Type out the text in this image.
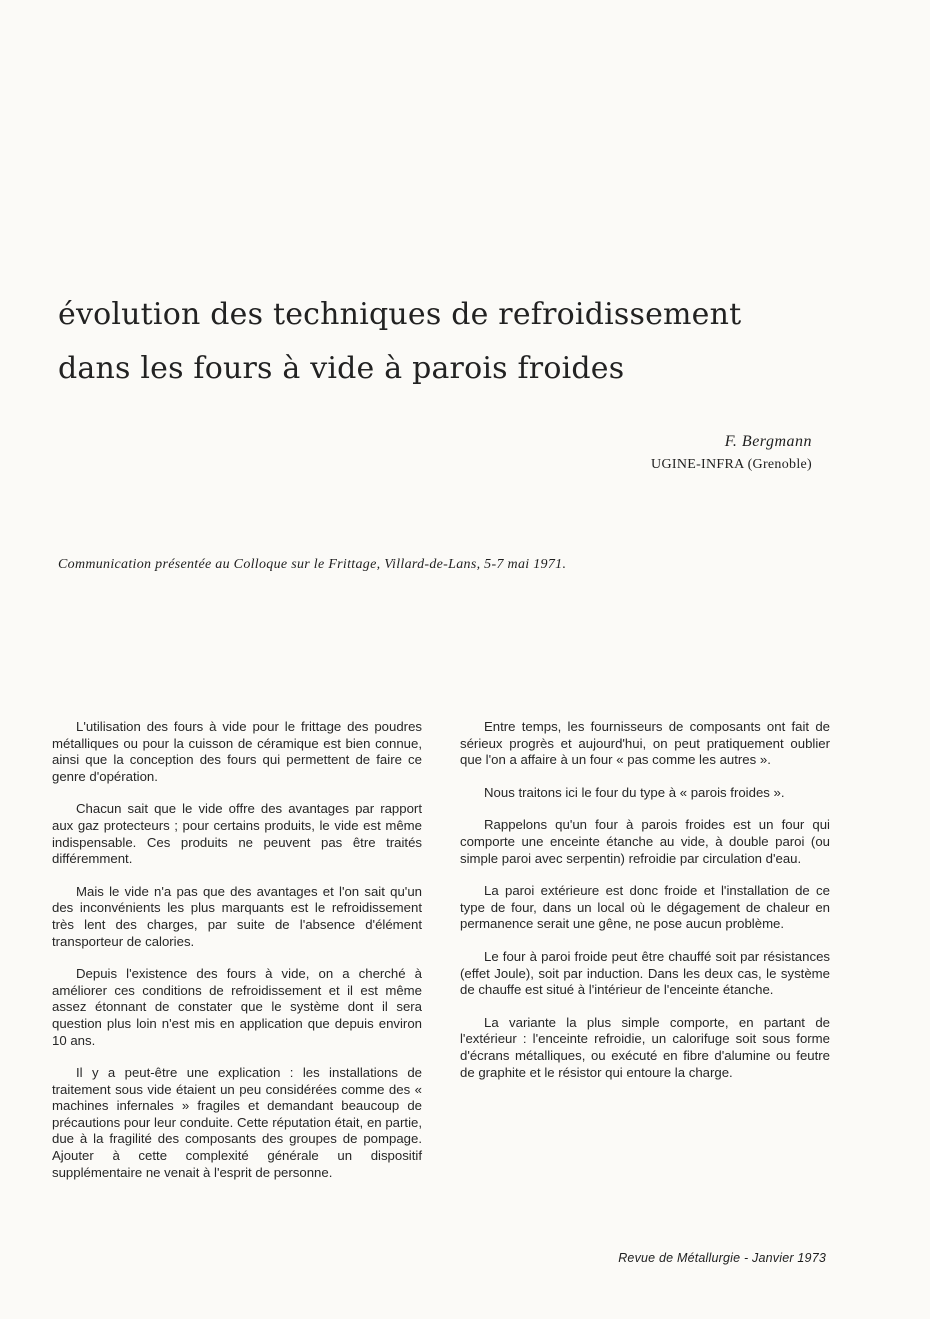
évolution des techniques de refroidissement
dans les fours à vide à parois froides
F. Bergmann
UGINE-INFRA (Grenoble)
Communication présentée au Colloque sur le Frittage, Villard-de-Lans, 5-7 mai 1971.

L'utilisation des fours à vide pour le frittage des poudres métalliques ou pour la cuisson de céramique est bien connue, ainsi que la conception des fours qui permettent de faire ce genre d'opération.

Chacun sait que le vide offre des avantages par rapport aux gaz protecteurs ; pour certains produits, le vide est même indispensable. Ces produits ne peuvent pas être traités différemment.

Mais le vide n'a pas que des avantages et l'on sait qu'un des inconvénients les plus marquants est le refroidissement très lent des charges, par suite de l'absence d'élément transporteur de calories.

Depuis l'existence des fours à vide, on a cherché à améliorer ces conditions de refroidissement et il est même assez étonnant de constater que le système dont il sera question plus loin n'est mis en application que depuis environ 10 ans.

Il y a peut-être une explication : les installations de traitement sous vide étaient un peu considérées comme des « machines infernales » fragiles et demandant beaucoup de précautions pour leur conduite. Cette réputation était, en partie, due à la fragilité des composants des groupes de pompage. Ajouter à cette complexité générale un dispositif supplémentaire ne venait à l'esprit de personne.

Entre temps, les fournisseurs de composants ont fait de sérieux progrès et aujourd'hui, on peut pratiquement oublier que l'on a affaire à un four « pas comme les autres ».

Nous traitons ici le four du type à « parois froides ».

Rappelons qu'un four à parois froides est un four qui comporte une enceinte étanche au vide, à double paroi (ou simple paroi avec serpentin) refroidie par circulation d'eau.

La paroi extérieure est donc froide et l'installation de ce type de four, dans un local où le dégagement de chaleur en permanence serait une gêne, ne pose aucun problème.

Le four à paroi froide peut être chauffé soit par résistances (effet Joule), soit par induction. Dans les deux cas, le système de chauffe est situé à l'intérieur de l'enceinte étanche.

La variante la plus simple comporte, en partant de l'extérieur : l'enceinte refroidie, un calorifuge soit sous forme d'écrans métalliques, ou exécuté en fibre d'alumine ou feutre de graphite et le résistor qui entoure la charge.

Revue de Métallurgie - Janvier 1973
